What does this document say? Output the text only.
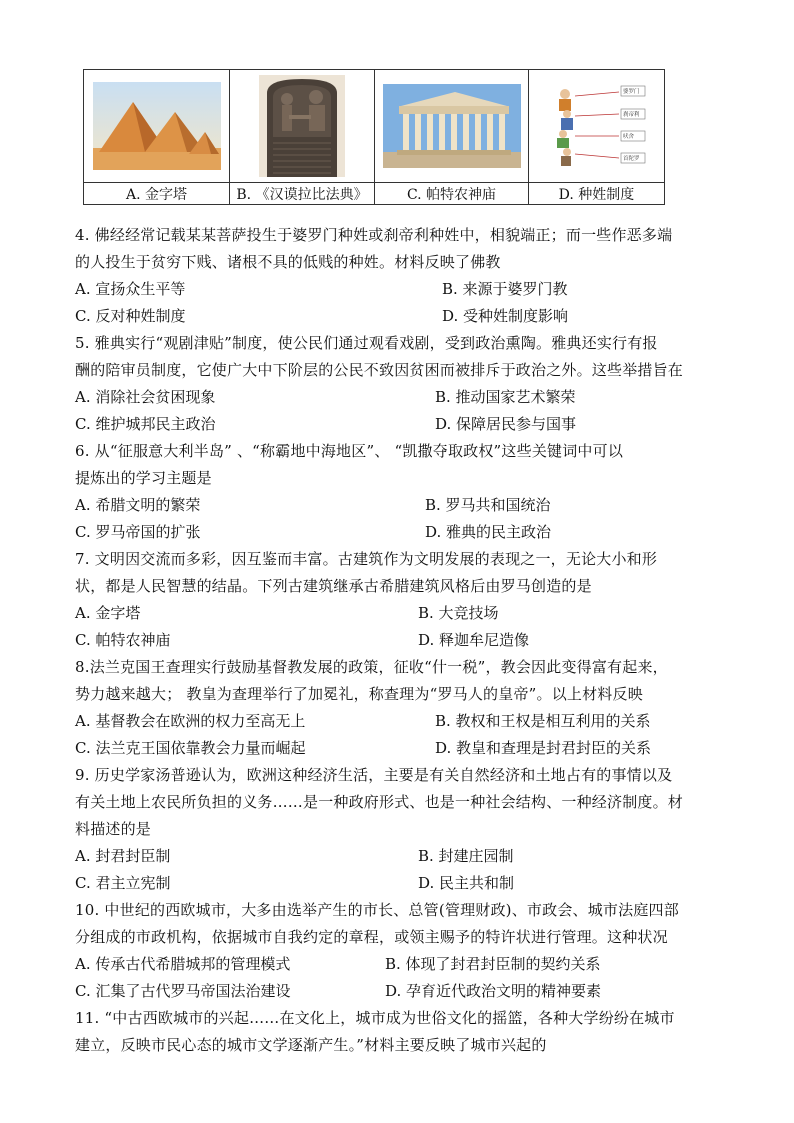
婆罗门
刹帝利
吠舍
首陀罗

A. 金字塔	B. 《汉谟拉比法典》	C. 帕特农神庙	D. 种姓制度
4. 佛经经常记载某某菩萨投生于婆罗门种姓或刹帝利种姓中，相貌端正；而一些作恶多端
的人投生于贫穷下贱、诸根不具的低贱的种姓。材料反映了佛教
A. 宣扬众生平等	B. 来源于婆罗门教
C. 反对种姓制度	D. 受种姓制度影响
5. 雅典实行“观剧津贴”制度，使公民们通过观看戏剧，受到政治熏陶。雅典还实行有报
酬的陪审员制度，它使广大中下阶层的公民不致因贫困而被排斥于政治之外。这些举措旨在
A. 消除社会贫困现象	B. 推动国家艺术繁荣
C. 维护城邦民主政治	D. 保障居民参与国事
6. 从“征服意大利半岛” 、“称霸地中海地区”、 “凯撒夺取政权”这些关键词中可以
提炼出的学习主题是
A. 希腊文明的繁荣	B. 罗马共和国统治
C. 罗马帝国的扩张	D. 雅典的民主政治
7. 文明因交流而多彩，因互鉴而丰富。古建筑作为文明发展的表现之一，无论大小和形
状，都是人民智慧的结晶。下列古建筑继承古希腊建筑风格后由罗马创造的是
A. 金字塔	B. 大竞技场
C. 帕特农神庙	D. 释迦牟尼造像
8.法兰克国王查理实行鼓励基督教发展的政策，征收“什一税”，教会因此变得富有起来，
势力越来越大； 教皇为查理举行了加冕礼，称查理为“罗马人的皇帝”。以上材料反映
A. 基督教会在欧洲的权力至高无上	B. 教权和王权是相互利用的关系
C. 法兰克王国依靠教会力量而崛起	D. 教皇和查理是封君封臣的关系
9. 历史学家汤普逊认为，欧洲这种经济生活，主要是有关自然经济和土地占有的事情以及
有关土地上农民所负担的义务……是一种政府形式、也是一种社会结构、一种经济制度。材
料描述的是
A. 封君封臣制	B. 封建庄园制
C. 君主立宪制	D. 民主共和制
10. 中世纪的西欧城市，大多由选举产生的市长、总管(管理财政)、市政会、城市法庭四部
分组成的市政机构，依据城市自我约定的章程，或领主赐予的特许状进行管理。这种状况
A. 传承古代希腊城邦的管理模式	B. 体现了封君封臣制的契约关系
C. 汇集了古代罗马帝国法治建设	D. 孕育近代政治文明的精神要素
11. “中古西欧城市的兴起……在文化上，城市成为世俗文化的摇篮，各种大学纷纷在城市
建立，反映市民心态的城市文学逐渐产生。”材料主要反映了城市兴起的
